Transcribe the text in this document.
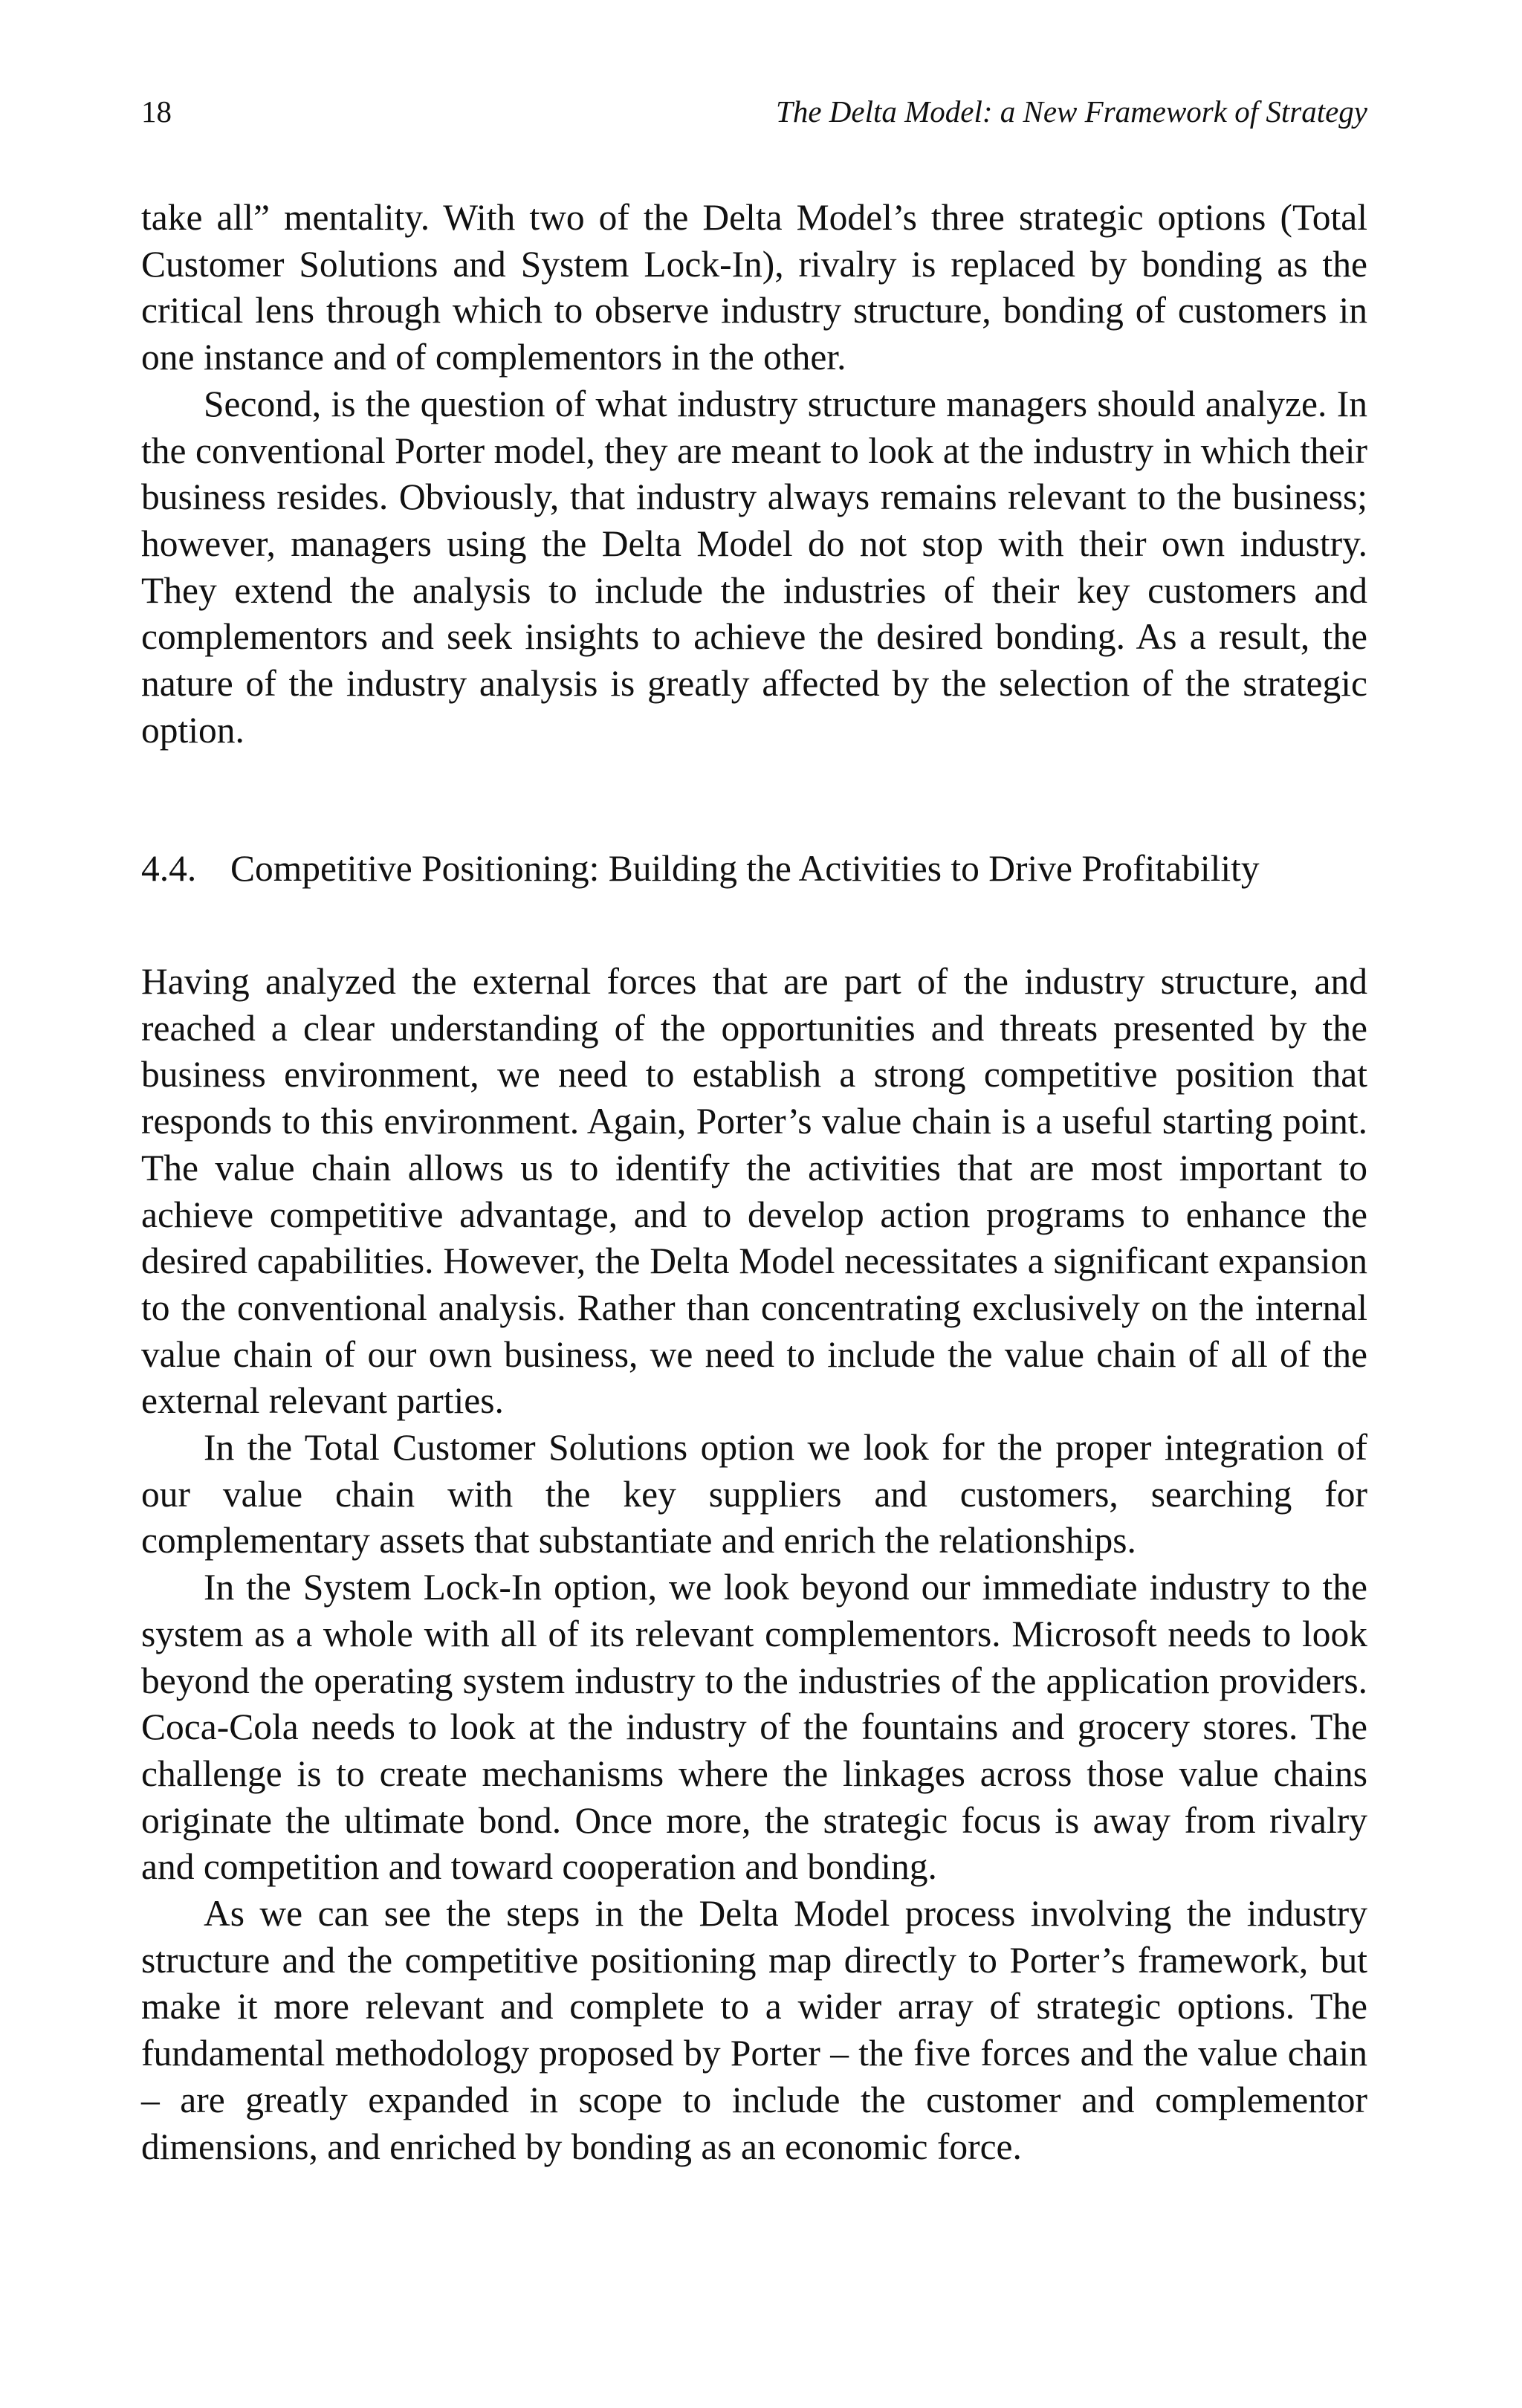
18	The Delta Model: a New Framework of Strategy

take all” mentality. With two of the Delta Model’s three strategic options (Total Customer Solutions and System Lock-In), rivalry is replaced by bonding as the critical lens through which to observe industry structure, bonding of customers in one instance and of complementors in the other.

Second, is the question of what industry structure managers should analyze. In the conventional Porter model, they are meant to look at the industry in which their business resides. Obviously, that industry always remains relevant to the business; however, managers using the Delta Model do not stop with their own industry. They extend the analysis to include the industries of their key customers and complementors and seek insights to achieve the desired bonding. As a result, the nature of the industry analysis is greatly affected by the selection of the strategic option.

4.4. Competitive Positioning: Building the Activities to Drive Profitability

Having analyzed the external forces that are part of the industry structure, and reached a clear understanding of the opportunities and threats presented by the business environment, we need to establish a strong competitive position that responds to this environment. Again, Porter’s value chain is a useful starting point. The value chain allows us to identify the activities that are most important to achieve competitive advantage, and to develop action programs to enhance the desired capabilities. However, the Delta Model necessitates a significant expansion to the conventional analysis. Rather than concentrating exclusively on the internal value chain of our own business, we need to include the value chain of all of the external relevant parties.

In the Total Customer Solutions option we look for the proper integration of our value chain with the key suppliers and customers, searching for complementary assets that substantiate and enrich the relationships.

In the System Lock-In option, we look beyond our immediate industry to the system as a whole with all of its relevant complementors. Microsoft needs to look beyond the operating system industry to the industries of the application providers. Coca-Cola needs to look at the industry of the fountains and grocery stores. The challenge is to create mechanisms where the linkages across those value chains originate the ultimate bond. Once more, the strategic focus is away from rivalry and competition and toward cooperation and bonding.

As we can see the steps in the Delta Model process involving the industry structure and the competitive positioning map directly to Porter’s framework, but make it more relevant and complete to a wider array of strategic options. The fundamental methodology proposed by Porter – the five forces and the value chain – are greatly expanded in scope to include the customer and complementor dimensions, and enriched by bonding as an economic force.
